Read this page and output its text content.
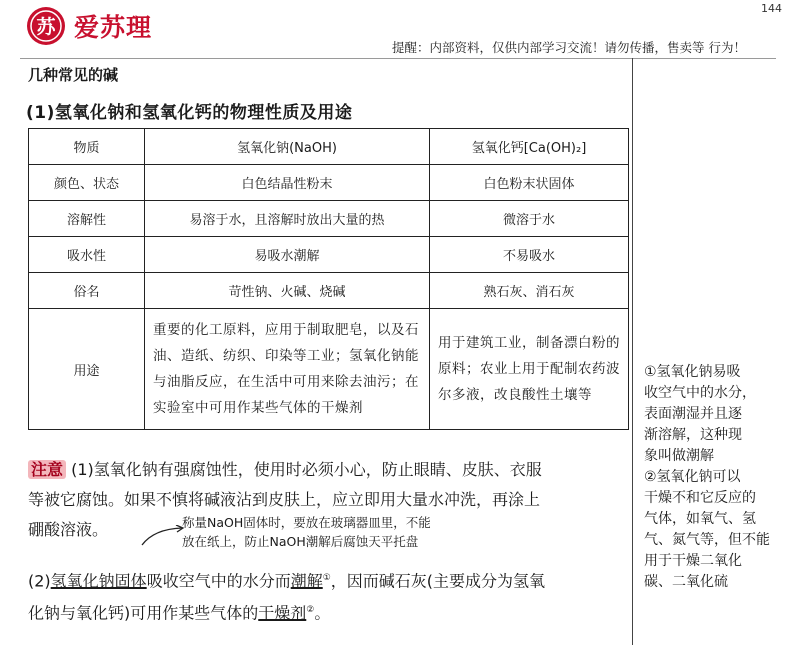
144
苏 爱苏理
提醒：内部资料，仅供内部学习交流！请勿传播，售卖等 行为！
几种常见的碱
(1)氢氧化钠和氢氧化钙的物理性质及用途
物质	氢氧化钠(NaOH)	氢氧化钙[Ca(OH)₂]
颜色、状态	白色结晶性粉末	白色粉末状固体
溶解性	易溶于水，且溶解时放出大量的热	微溶于水
吸水性	易吸水潮解	不易吸水
俗名	苛性钠、火碱、烧碱	熟石灰、消石灰
用途	重要的化工原料，应用于制取肥皂，以及石油、造纸、纺织、印染等工业；氢氧化钠能与油脂反应，在生活中可用来除去油污；在实验室中可用作某些气体的干燥剂	用于建筑工业，制备漂白粉的原料；农业上用于配制农药波尔多液，改良酸性土壤等

注意 (1)氢氧化钠有强腐蚀性，使用时必须小心，防止眼睛、皮肤、衣服

等被它腐蚀。如果不慎将碱液沾到皮肤上，应立即用大量水冲洗，再涂上

硼酸溶液。	称量NaOH固体时，要放在玻璃器皿里，不能
放在纸上，防止NaOH潮解后腐蚀天平托盘

(2)氢氧化钠固体吸收空气中的水分而潮解①，因而碱石灰(主要成分为氢氧

化钠与氧化钙)可用作某些气体的干燥剂②。

①氢氧化钠易吸
收空气中的水分，
表面潮湿并且逐
渐溶解，这种现
象叫做潮解
②氢氧化钠可以
干燥不和它反应的
气体，如氧气、氢
气、氮气等，但不能
用于干燥二氧化
碳、二氧化硫
